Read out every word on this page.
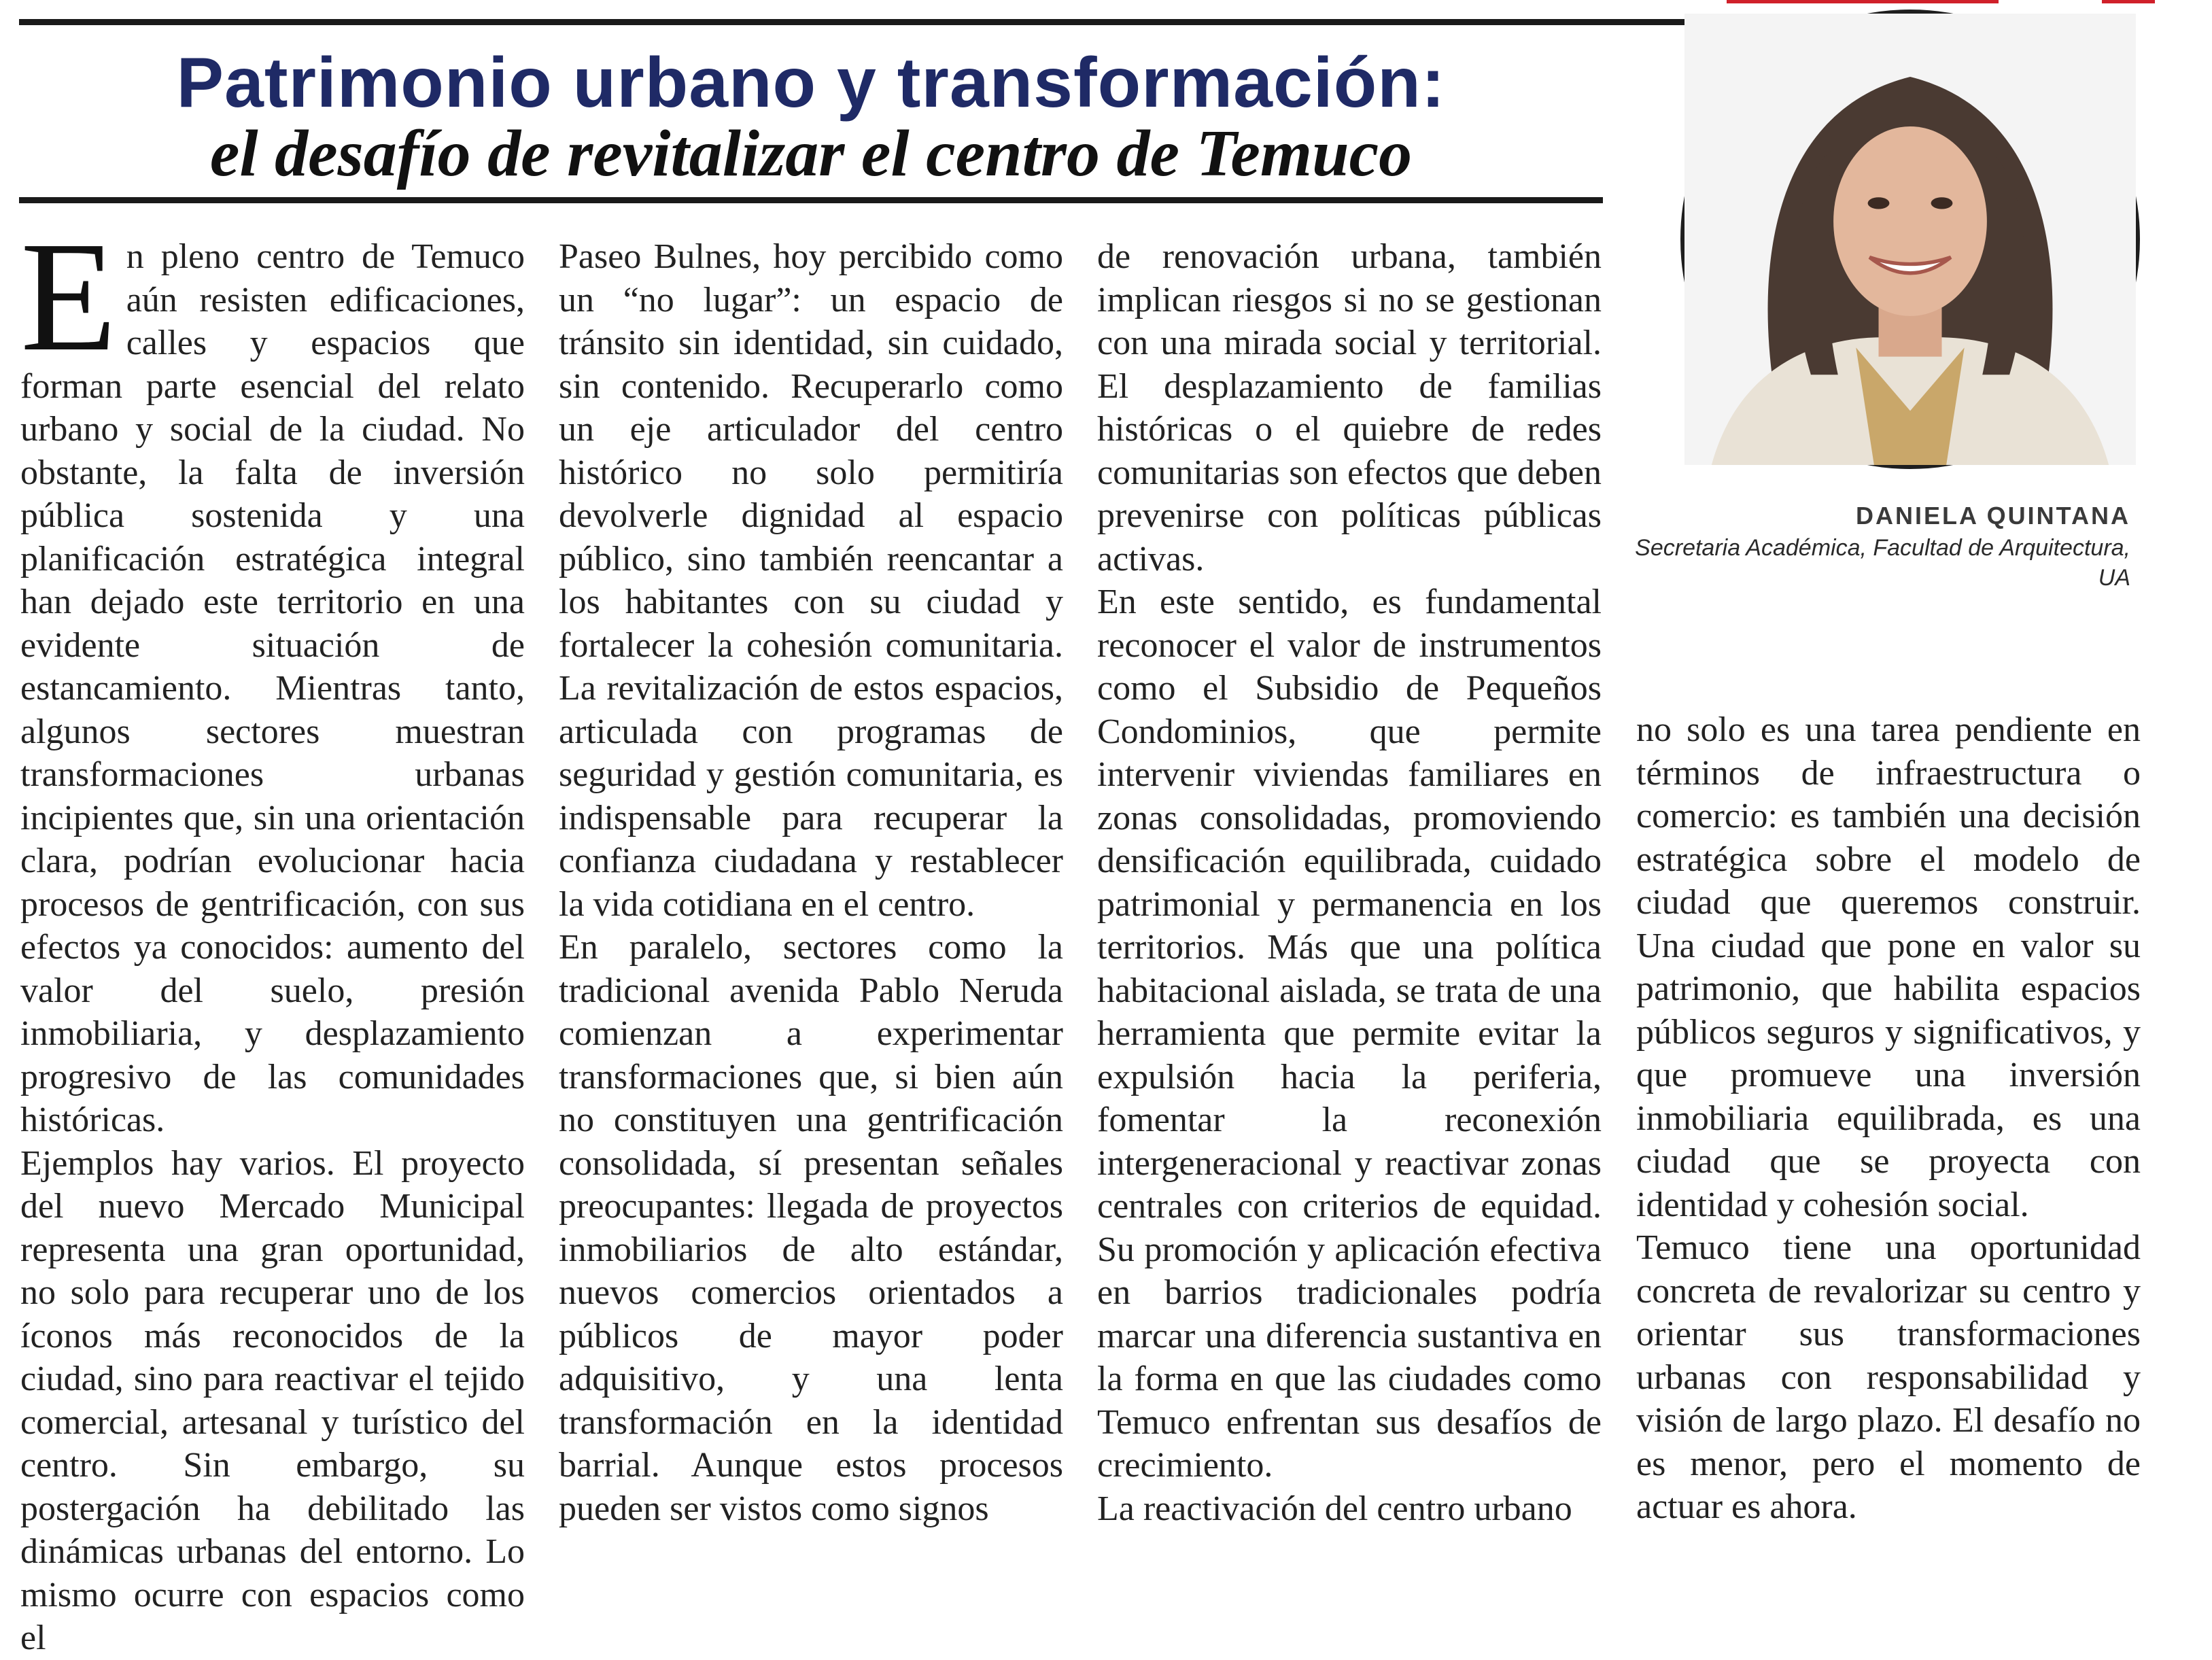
Patrimonio urbano y transformación:
el desafío de revitalizar el centro de Temuco

En pleno centro de Temuco aún resisten edificaciones, calles y espacios que forman parte esencial del relato urbano y social de la ciudad. No obstante, la falta de inversión pública sostenida y una planificación estratégica integral han dejado este territorio en una evidente situación de estancamiento. Mientras tanto, algunos sectores muestran transformaciones urbanas incipientes que, sin una orientación clara, podrían evolucionar hacia procesos de gentrificación, con sus efectos ya conocidos: aumento del valor del suelo, presión inmobiliaria, y desplazamiento progresivo de las comunidades históricas.

Ejemplos hay varios. El proyecto del nuevo Mercado Municipal representa una gran oportunidad, no solo para recuperar uno de los íconos más reconocidos de la ciudad, sino para reactivar el tejido comercial, artesanal y turístico del centro. Sin embargo, su postergación ha debilitado las dinámicas urbanas del entorno. Lo mismo ocurre con espacios como el

Paseo Bulnes, hoy percibido como un “no lugar”: un espacio de tránsito sin identidad, sin cuidado, sin contenido. Recuperarlo como un eje articulador del centro histórico no solo permitiría devolverle dignidad al espacio público, sino también reencantar a los habitantes con su ciudad y fortalecer la cohesión comunitaria. La revitalización de estos espacios, articulada con programas de seguridad y gestión comunitaria, es indispensable para recuperar la confianza ciudadana y restablecer la vida cotidiana en el centro.

En paralelo, sectores como la tradicional avenida Pablo Neruda comienzan a experimentar transformaciones que, si bien aún no constituyen una gentrificación consolidada, sí presentan señales preocupantes: llegada de proyectos inmobiliarios de alto estándar, nuevos comercios orientados a públicos de mayor poder adquisitivo, y una lenta transformación en la identidad barrial. Aunque estos procesos pueden ser vistos como signos

de renovación urbana, también implican riesgos si no se gestionan con una mirada social y territorial. El desplazamiento de familias históricas o el quiebre de redes comunitarias son efectos que deben prevenirse con políticas públicas activas.

En este sentido, es fundamental reconocer el valor de instrumentos como el Subsidio de Pequeños Condominios, que permite intervenir viviendas familiares en zonas consolidadas, promoviendo densificación equilibrada, cuidado patrimonial y permanencia en los territorios. Más que una política habitacional aislada, se trata de una herramienta que permite evitar la expulsión hacia la periferia, fomentar la reconexión intergeneracional y reactivar zonas centrales con criterios de equidad. Su promoción y aplicación efectiva en barrios tradicionales podría marcar una diferencia sustantiva en la forma en que las ciudades como Temuco enfrentan sus desafíos de crecimiento.

La reactivación del centro urbano

no solo es una tarea pendiente en términos de infraestructura o comercio: es también una decisión estratégica sobre el modelo de ciudad que queremos construir. Una ciudad que pone en valor su patrimonio, que habilita espacios públicos seguros y significativos, y que promueve una inversión inmobiliaria equilibrada, es una ciudad que se proyecta con identidad y cohesión social.

Temuco tiene una oportunidad concreta de revalorizar su centro y orientar sus transformaciones urbanas con responsabilidad y visión de largo plazo. El desafío no es menor, pero el momento de actuar es ahora.

DANIELA QUINTANA
Secretaria Académica, Facultad de Arquitectura, UA
